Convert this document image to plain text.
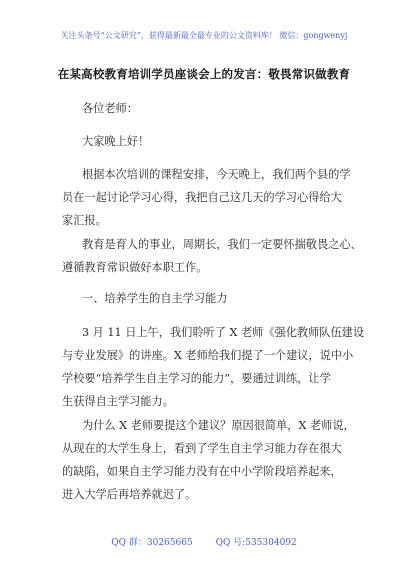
关注头条号“公文研究”，获得最新最全最专业的公文资料库！ 微信：gongwenyj
在某高校教育培训学员座谈会上的发言：敬畏常识做教育
各位老师：
大家晚上好！
根据本次培训的课程安排，今天晚上，我们两个县的学
员在一起讨论学习心得，我把自己这几天的学习心得给大
家汇报。
教育是育人的事业，周期长，我们一定要怀揣敬畏之心、
遵循教育常识做好本职工作。
一、培养学生的自主学习能力
3 月 11 日上午，我们聆听了 X 老师《强化教师队伍建设
与专业发展》的讲座。X 老师给我们提了一个建议，说中小
学校要“培养学生自主学习的能力”，要通过训练，让学
生获得自主学习能力。
为什么 X 老师要提这个建议？原因很简单，X 老师说，
从现在的大学生身上，看到了学生自主学习能力存在很大
的缺陷，如果自主学习能力没有在中小学阶段培养起来，
进入大学后再培养就迟了。
QQ 群：30265665	QQ 号:535304092
